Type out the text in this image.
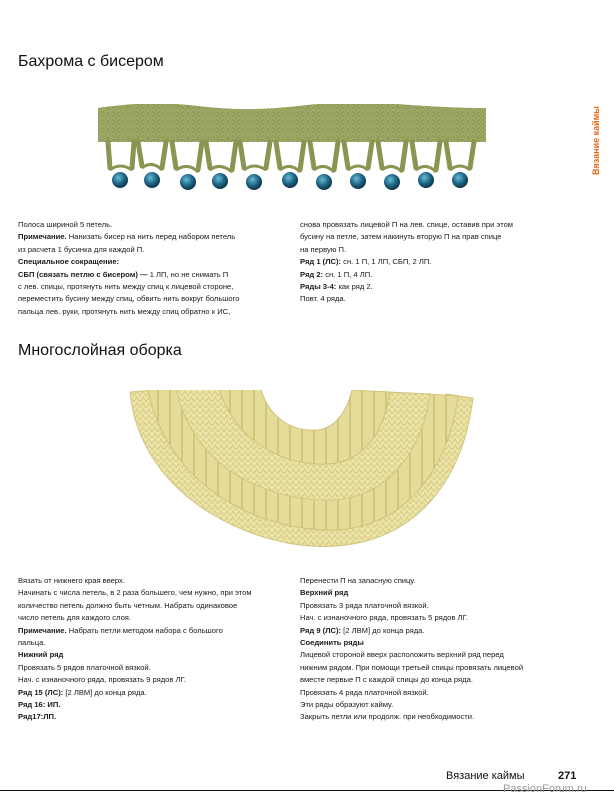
Бахрома с бисером
Вязание каймы
Полоса шириной 5 петель.
Примечание. Нанизать бисер на нить перед набором петель
из расчета 1 бусинка для каждой П.
Специальное сокращение:
СБП (связать петлю с бисером) — 1 ЛП, но не снимать П
с лев. спицы, протянуть нить между спиц к лицевой стороне,
переместить бусину между спиц, обвить нить вокруг большого
пальца лев. руки, протянуть нить между спиц обратно к ИС,
снова провязать лицевой П на лев. спице, оставив при этом
бусину на петле, затем накинуть вторую П на прав спице
на первую П.
Ряд 1 (ЛС): сн. 1 П, 1 ЛП, СБП, 2 ЛП.
Ряд 2: сн. 1 П, 4 ЛП.
Ряды 3-4: как ряд 2.
Повт. 4 ряда.
Многослойная оборка
Вязать от нижнего края вверх.
Начинать с числа петель, в 2 раза большего, чем нужно, при этом
количество петель должно быть четным. Набрать одинаковое
число петель для каждого слоя.
Примечание. Набрать петли методом набора с большого
пальца.
Нижний ряд
Провязать 5 рядов платочной вязкой.
Нач. с изнаночного ряда, провязать 9 рядов ЛГ.
Ряд 15 (ЛС): [2 ЛВМ] до конца ряда.
Ряд 16: ИП.
Ряд17:ЛП.
Перенести П на запасную спицу.
Верхний ряд
Провязать 3 ряда платочной вязкой.
Нач. с изнаночного ряда, провязать 5 рядов ЛГ.
Ряд 9 (ЛС): [2 ЛВМ] до конца ряда.
Соединить ряды
Лицевой стороной вверх расположить верхний ряд перед
нижним рядом. При помощи третьей спицы провязать лицевой
вместе первые П с каждой спицы до конца ряда.
Провязать 4 ряда платочной вязкой.
Эти ряды образуют кайму.
Закрыть петли или продолж. при необходимости.
Вязание каймы	271
PassionForum.ru
